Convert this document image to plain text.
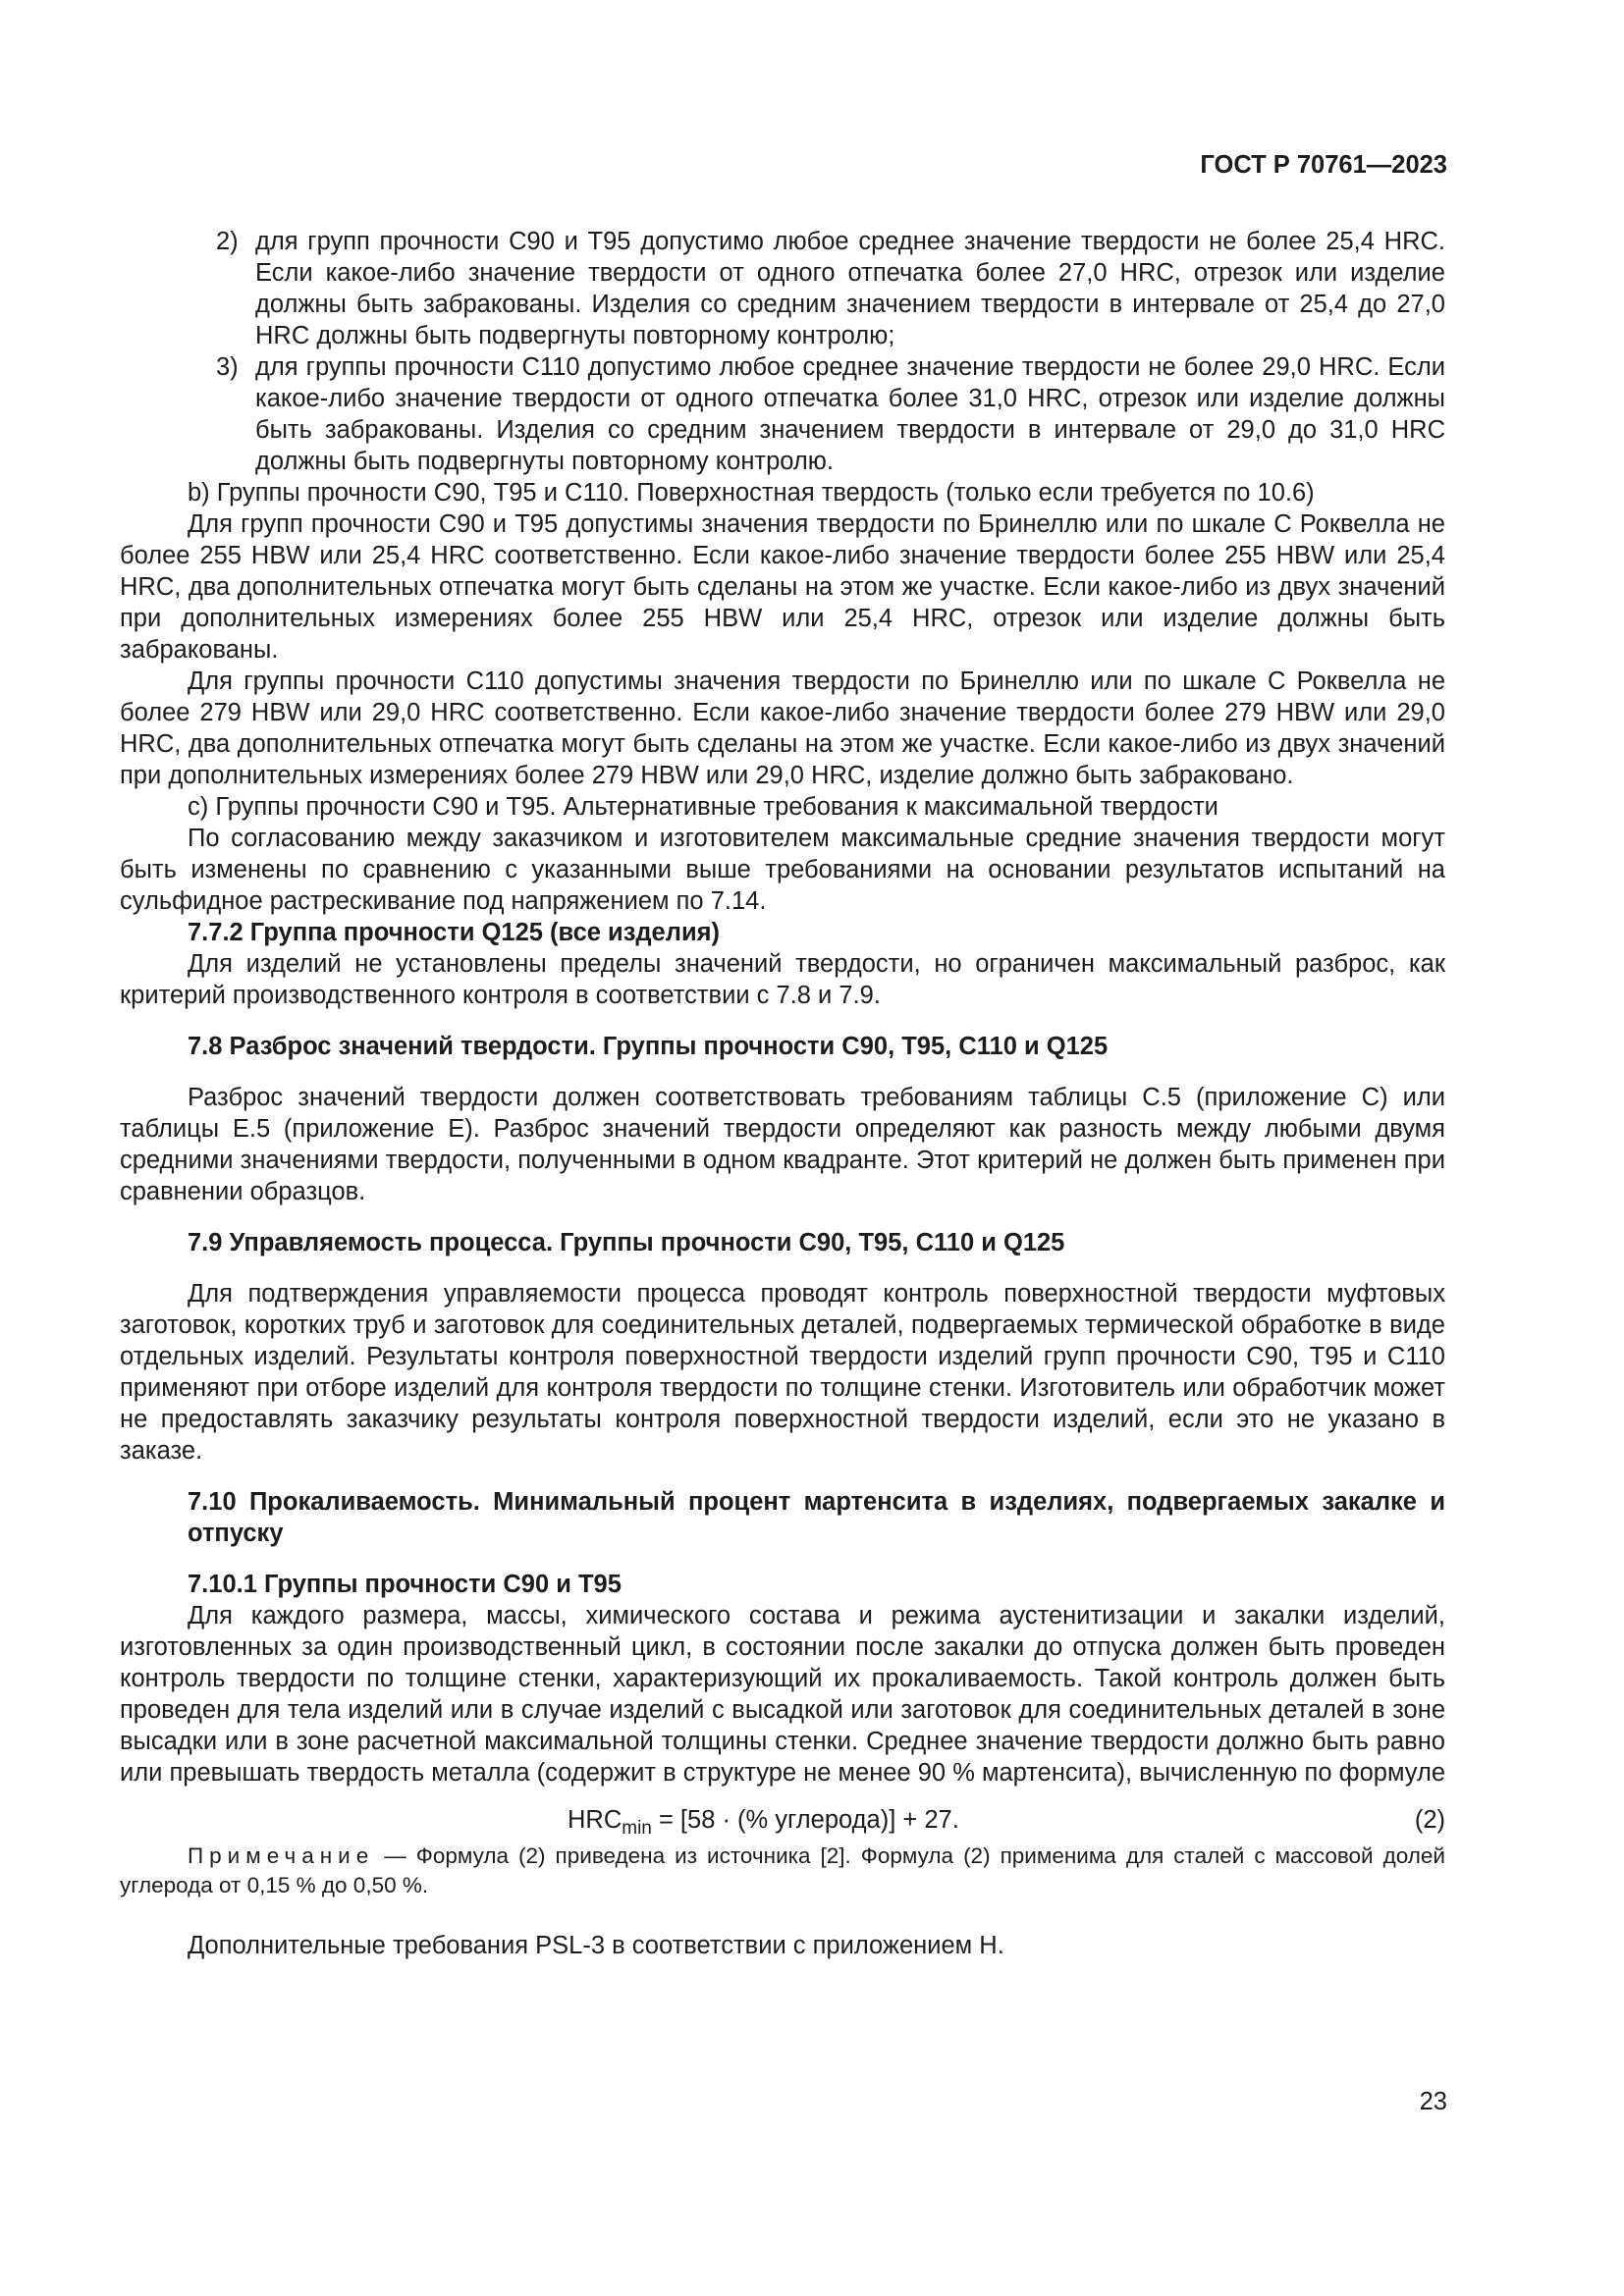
ГОСТ Р 70761—2023
2) для групп прочности С90 и Т95 допустимо любое среднее значение твердости не более 25,4 HRC. Если какое-либо значение твердости от одного отпечатка более 27,0 HRC, отрезок или изделие должны быть забракованы. Изделия со средним значением твердости в интервале от 25,4 до 27,0 HRC должны быть подвергнуты повторному контролю;
3) для группы прочности С110 допустимо любое среднее значение твердости не более 29,0 HRC. Если какое-либо значение твердости от одного отпечатка более 31,0 HRC, отрезок или изделие должны быть забракованы. Изделия со средним значением твердости в интервале от 29,0 до 31,0 HRC должны быть подвергнуты повторному контролю.

b) Группы прочности С90, Т95 и С110. Поверхностная твердость (только если требуется по 10.6)

Для групп прочности С90 и Т95 допустимы значения твердости по Бринеллю или по шкале С Роквелла не более 255 HBW или 25,4 HRC соответственно. Если какое-либо значение твердости более 255 HBW или 25,4 HRC, два дополнительных отпечатка могут быть сделаны на этом же участке. Если какое-либо из двух значений при дополнительных измерениях более 255 HBW или 25,4 HRC, отрезок или изделие должны быть забракованы.

Для группы прочности С110 допустимы значения твердости по Бринеллю или по шкале С Роквелла не более 279 HBW или 29,0 HRC соответственно. Если какое-либо значение твердости более 279 HBW или 29,0 HRC, два дополнительных отпечатка могут быть сделаны на этом же участке. Если какое-либо из двух значений при дополнительных измерениях более 279 HBW или 29,0 HRC, изделие должно быть забраковано.

c) Группы прочности С90 и Т95. Альтернативные требования к максимальной твердости

По согласованию между заказчиком и изготовителем максимальные средние значения твердости могут быть изменены по сравнению с указанными выше требованиями на основании результатов испытаний на сульфидное растрескивание под напряжением по 7.14.

7.7.2 Группа прочности Q125 (все изделия)

Для изделий не установлены пределы значений твердости, но ограничен максимальный разброс, как критерий производственного контроля в соответствии с 7.8 и 7.9.

7.8 Разброс значений твердости. Группы прочности С90, Т95, С110 и Q125

Разброс значений твердости должен соответствовать требованиям таблицы С.5 (приложение С) или таблицы Е.5 (приложение Е). Разброс значений твердости определяют как разность между любыми двумя средними значениями твердости, полученными в одном квадранте. Этот критерий не должен быть применен при сравнении образцов.

7.9 Управляемость процесса. Группы прочности С90, Т95, С110 и Q125

Для подтверждения управляемости процесса проводят контроль поверхностной твердости муфтовых заготовок, коротких труб и заготовок для соединительных деталей, подвергаемых термической обработке в виде отдельных изделий. Результаты контроля поверхностной твердости изделий групп прочности С90, Т95 и С110 применяют при отборе изделий для контроля твердости по толщине стенки. Изготовитель или обработчик может не предоставлять заказчику результаты контроля поверхностной твердости изделий, если это не указано в заказе.

7.10 Прокаливаемость. Минимальный процент мартенсита в изделиях, подвергаемых закалке и отпуску

7.10.1 Группы прочности С90 и Т95

Для каждого размера, массы, химического состава и режима аустенитизации и закалки изделий, изготовленных за один производственный цикл, в состоянии после закалки до отпуска должен быть проведен контроль твердости по толщине стенки, характеризующий их прокаливаемость. Такой контроль должен быть проведен для тела изделий или в случае изделий с высадкой или заготовок для соединительных деталей в зоне высадки или в зоне расчетной максимальной толщины стенки. Среднее значение твердости должно быть равно или превышать твердость металла (содержит в структуре не менее 90 % мартенсита), вычисленную по формуле

$HRC_{min} = [58$ · (% углерода)] + 27.	(2)

Примечание — Формула (2) приведена из источника [2]. Формула (2) применима для сталей с массовой долей углерода от 0,15 % до 0,50 %.

Дополнительные требования PSL-3 в соответствии с приложением Н.

23
